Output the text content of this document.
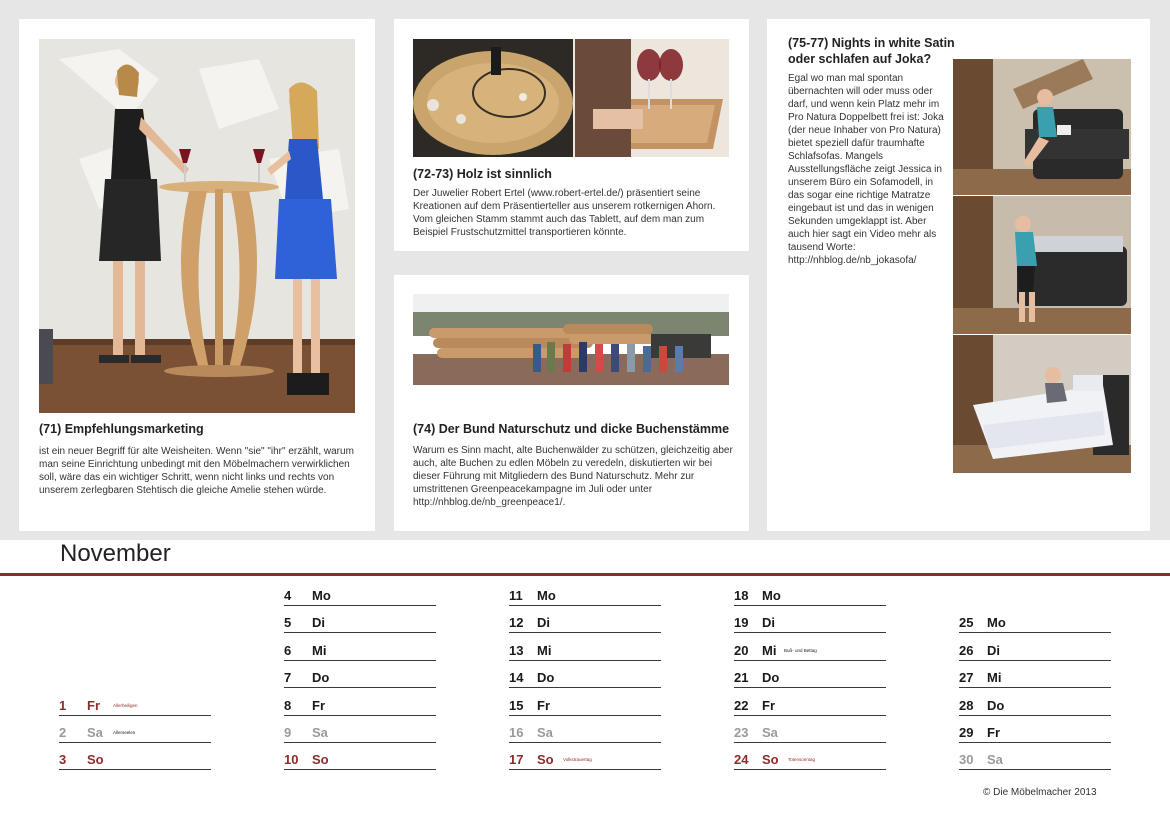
(71) Empfehlungsmarketing

ist ein neuer Begriff für alte Weisheiten. Wenn "sie" "ihr" erzählt, warum man seine Einrichtung unbedingt mit den Möbelmachern verwirklichen soll, wäre das ein wichtiger Schritt, wenn nicht links und rechts von unserem zerlegbaren Stehtisch die gleiche Amelie stehen würde.

(72-73) Holz ist sinnlich

Der Juwelier Robert Ertel (www.robert-ertel.de/) präsentiert seine Kreationen auf dem Präsentierteller aus unserem rotkernigen Ahorn. Vom gleichen Stamm stammt auch das Tablett, auf dem man zum Beispiel Frustschutzmittel transportieren könnte.

(74) Der Bund Naturschutz und dicke Buchenstämme

Warum es Sinn macht, alte Buchenwälder zu schützen, gleichzeitig aber auch, alte Buchen zu edlen Möbeln zu veredeln, diskutierten wir bei dieser Führung mit Mitgliedern des Bund Naturschutz. Mehr zur umstrittenen Greenpeacekampagne im Juli oder unter http://nhblog.de/nb_greenpeace1/.

(75-77) Nights in white Satin
oder schlafen auf Joka?

Egal wo man mal spontan übernachten will oder muss oder darf, und wenn kein Platz mehr im Pro Natura Doppelbett frei ist: Joka (der neue Inhaber von Pro Natura) bietet speziell dafür traumhafte Schlafsofas. Mangels Ausstellungsfläche zeigt Jessica in unserem Büro ein Sofamodell, in das sogar eine richtige Matratze eingebaut ist und das in wenigen Sekunden umgeklappt ist. Aber auch hier sagt ein Video mehr als tausend Worte: http://nhblog.de/nb_jokasofa/

November
1	Fr	Allerheiligen
2	Sa Allerseelen
3	So
4	Mo
5	Di
6	Mi
7	Do
8	Fr
9	Sa
10	So
11	Mo
12	Di
13	Mi
14	Do
15	Fr
16	Sa
17	So Volkstrauertag
18	Mo
19	Di
20	Mi Buß- und Bettag
21	Do
22	Fr
23	Sa
24	So Totensonntag
25	Mo
26	Di
27	Mi
28	Do
29	Fr
30	Sa
© Die Möbelmacher 2013
